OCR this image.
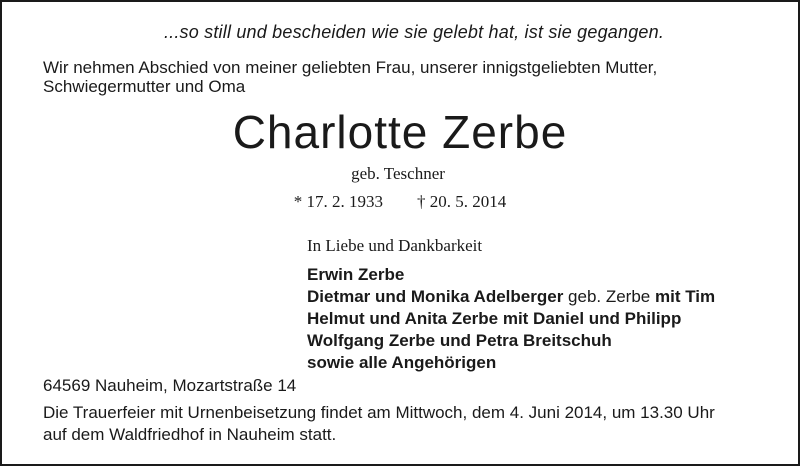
...so still und bescheiden wie sie gelebt hat, ist sie gegangen.
Wir nehmen Abschied von meiner geliebten Frau, unserer innigstgeliebten Mutter,
Schwiegermutter und Oma
Charlotte Zerbe
geb. Teschner
* 17. 2. 1933 † 20. 5. 2014
In Liebe und Dankbarkeit
Erwin Zerbe
Dietmar und Monika Adelberger geb. Zerbe mit Tim
Helmut und Anita Zerbe mit Daniel und Philipp
Wolfgang Zerbe und Petra Breitschuh
sowie alle Angehörigen
64569 Nauheim, Mozartstraße 14
Die Trauerfeier mit Urnenbeisetzung findet am Mittwoch, dem 4. Juni 2014, um 13.30 Uhr
auf dem Waldfriedhof in Nauheim statt.
